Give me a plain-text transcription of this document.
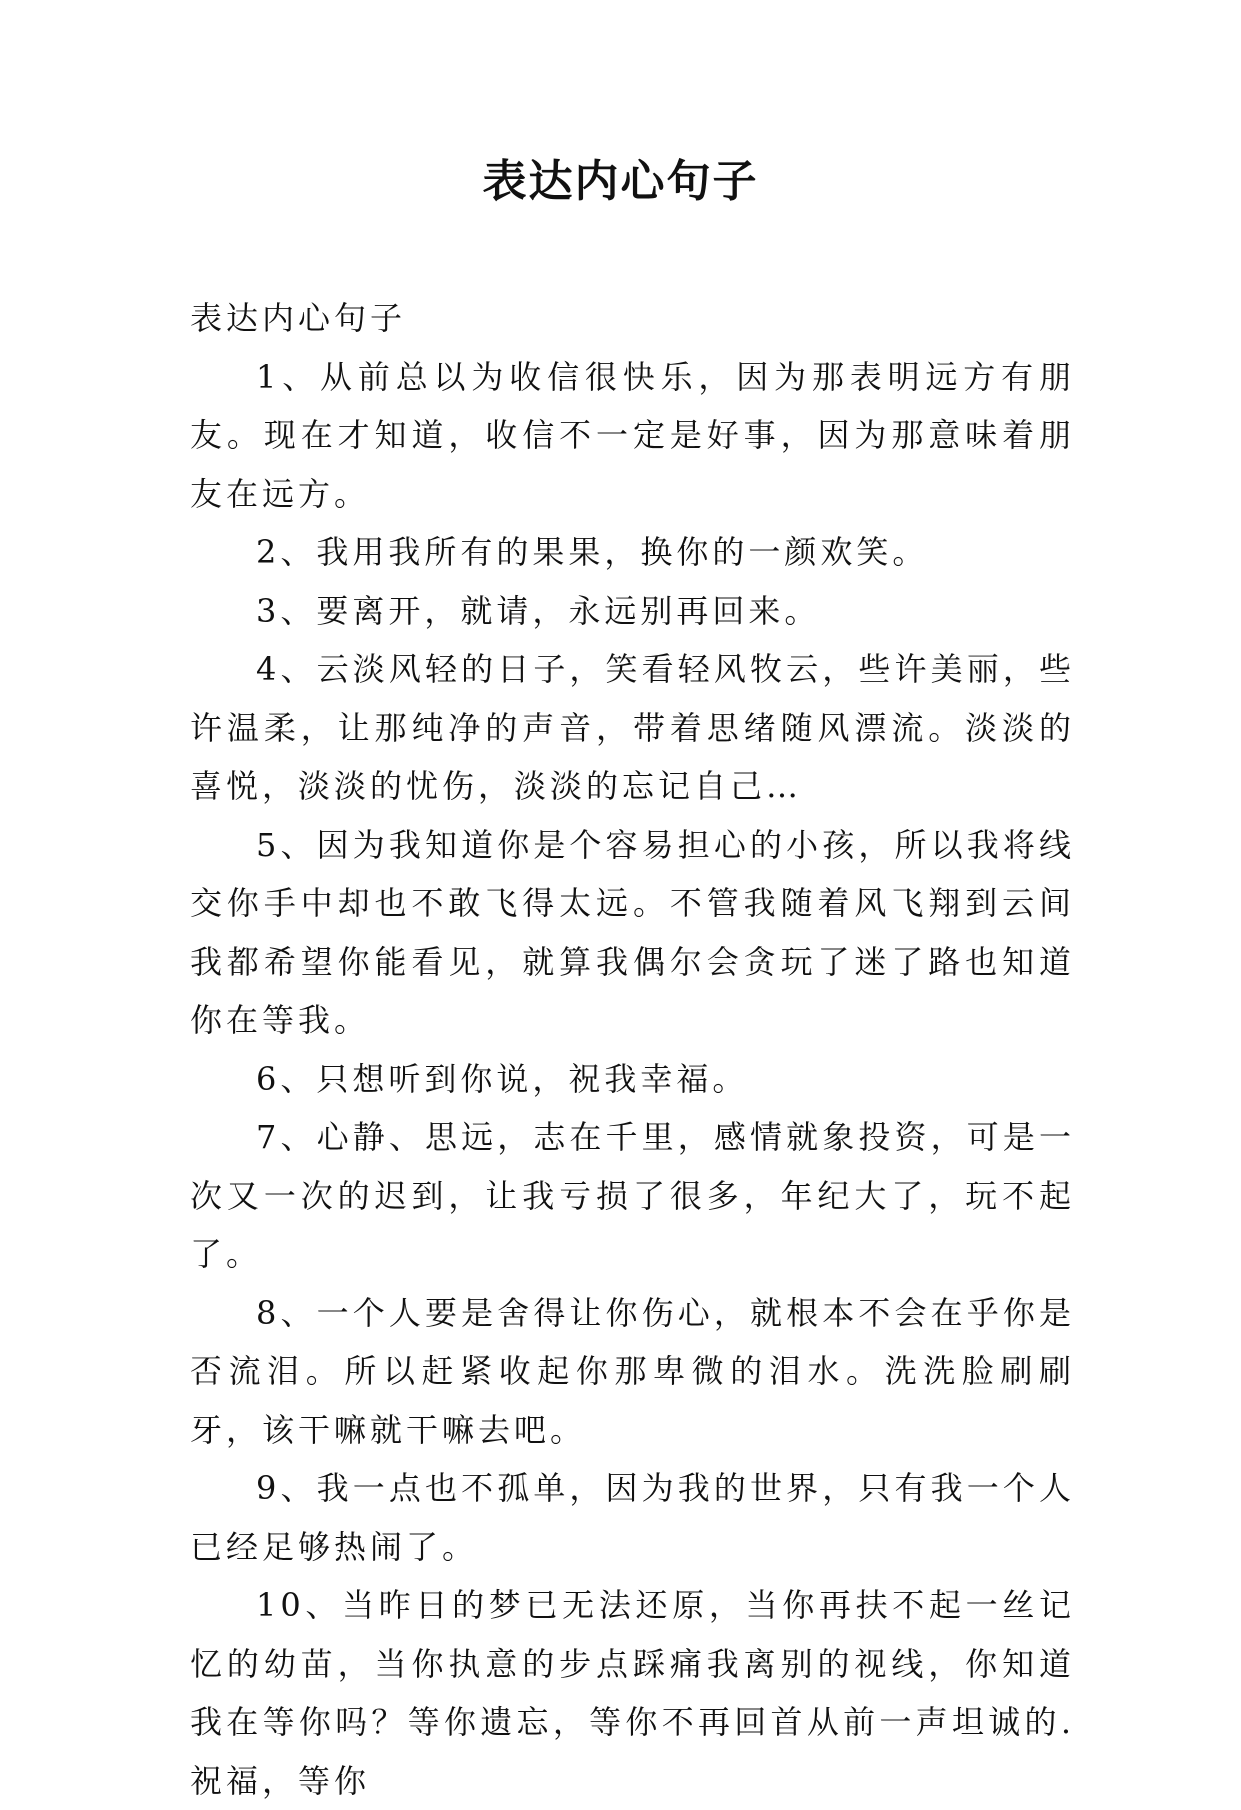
表达内心句子

表达内心句子

1、从前总以为收信很快乐，因为那表明远方有朋友。现在才知道，收信不一定是好事，因为那意味着朋友在远方。

2、我用我所有的果果，换你的一颜欢笑。

3、要离开，就请，永远别再回来。

4、云淡风轻的日子，笑看轻风牧云，些许美丽，些许温柔，让那纯净的声音，带着思绪随风漂流。淡淡的喜悦，淡淡的忧伤，淡淡的忘记自己…

5、因为我知道你是个容易担心的小孩，所以我将线交你手中却也不敢飞得太远。不管我随着风飞翔到云间我都希望你能看见，就算我偶尔会贪玩了迷了路也知道你在等我。

6、只想听到你说，祝我幸福。

7、心静、思远，志在千里，感情就象投资，可是一次又一次的迟到，让我亏损了很多，年纪大了，玩不起了。

8、一个人要是舍得让你伤心，就根本不会在乎你是否流泪。所以赶紧收起你那卑微的泪水。洗洗脸刷刷牙，该干嘛就干嘛去吧。

9、我一点也不孤单，因为我的世界，只有我一个人已经足够热闹了。

10、当昨日的梦已无法还原，当你再扶不起一丝记忆的幼苗，当你执意的步点踩痛我离别的视线，你知道我在等你吗？等你遗忘，等你不再回首从前一声坦诚的.祝福，等你
